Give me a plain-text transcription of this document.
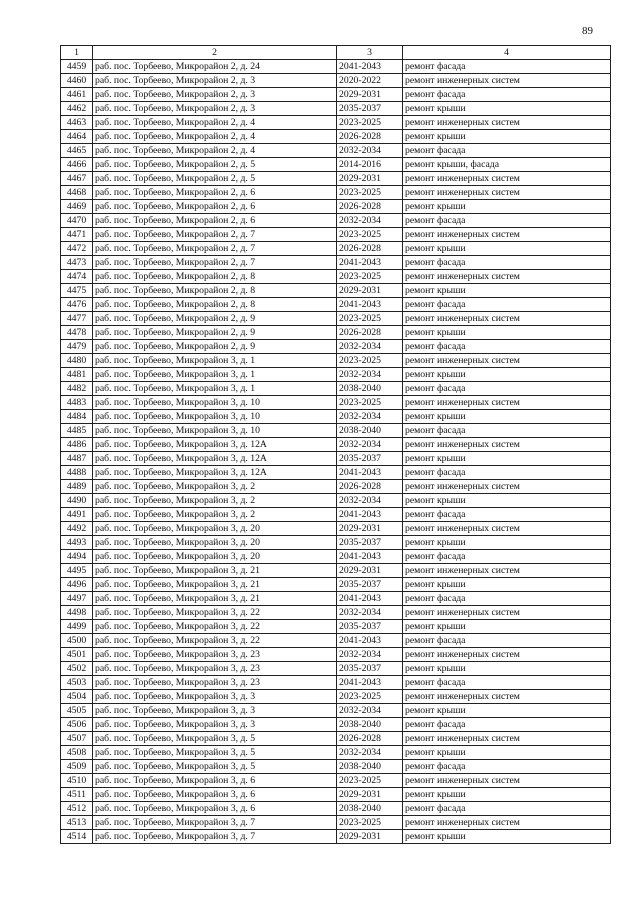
89
1	2	3	4
4459	раб. пос. Торбеево, Микрорайон 2, д. 24	2041-2043	ремонт фасада
4460	раб. пос. Торбеево, Микрорайон 2, д. 3	2020-2022	ремонт инженерных систем
4461	раб. пос. Торбеево, Микрорайон 2, д. 3	2029-2031	ремонт фасада
4462	раб. пос. Торбеево, Микрорайон 2, д. 3	2035-2037	ремонт крыши
4463	раб. пос. Торбеево, Микрорайон 2, д. 4	2023-2025	ремонт инженерных систем
4464	раб. пос. Торбеево, Микрорайон 2, д. 4	2026-2028	ремонт крыши
4465	раб. пос. Торбеево, Микрорайон 2, д. 4	2032-2034	ремонт фасада
4466	раб. пос. Торбеево, Микрорайон 2, д. 5	2014-2016	ремонт крыши, фасада
4467	раб. пос. Торбеево, Микрорайон 2, д. 5	2029-2031	ремонт инженерных систем
4468	раб. пос. Торбеево, Микрорайон 2, д. 6	2023-2025	ремонт инженерных систем
4469	раб. пос. Торбеево, Микрорайон 2, д. 6	2026-2028	ремонт крыши
4470	раб. пос. Торбеево, Микрорайон 2, д. 6	2032-2034	ремонт фасада
4471	раб. пос. Торбеево, Микрорайон 2, д. 7	2023-2025	ремонт инженерных систем
4472	раб. пос. Торбеево, Микрорайон 2, д. 7	2026-2028	ремонт крыши
4473	раб. пос. Торбеево, Микрорайон 2, д. 7	2041-2043	ремонт фасада
4474	раб. пос. Торбеево, Микрорайон 2, д. 8	2023-2025	ремонт инженерных систем
4475	раб. пос. Торбеево, Микрорайон 2, д. 8	2029-2031	ремонт крыши
4476	раб. пос. Торбеево, Микрорайон 2, д. 8	2041-2043	ремонт фасада
4477	раб. пос. Торбеево, Микрорайон 2, д. 9	2023-2025	ремонт инженерных систем
4478	раб. пос. Торбеево, Микрорайон 2, д. 9	2026-2028	ремонт крыши
4479	раб. пос. Торбеево, Микрорайон 2, д. 9	2032-2034	ремонт фасада
4480	раб. пос. Торбеево, Микрорайон 3, д. 1	2023-2025	ремонт инженерных систем
4481	раб. пос. Торбеево, Микрорайон 3, д. 1	2032-2034	ремонт крыши
4482	раб. пос. Торбеево, Микрорайон 3, д. 1	2038-2040	ремонт фасада
4483	раб. пос. Торбеево, Микрорайон 3, д. 10	2023-2025	ремонт инженерных систем
4484	раб. пос. Торбеево, Микрорайон 3, д. 10	2032-2034	ремонт крыши
4485	раб. пос. Торбеево, Микрорайон 3, д. 10	2038-2040	ремонт фасада
4486	раб. пос. Торбеево, Микрорайон 3, д. 12А	2032-2034	ремонт инженерных систем
4487	раб. пос. Торбеево, Микрорайон 3, д. 12А	2035-2037	ремонт крыши
4488	раб. пос. Торбеево, Микрорайон 3, д. 12А	2041-2043	ремонт фасада
4489	раб. пос. Торбеево, Микрорайон 3, д. 2	2026-2028	ремонт инженерных систем
4490	раб. пос. Торбеево, Микрорайон 3, д. 2	2032-2034	ремонт крыши
4491	раб. пос. Торбеево, Микрорайон 3, д. 2	2041-2043	ремонт фасада
4492	раб. пос. Торбеево, Микрорайон 3, д. 20	2029-2031	ремонт инженерных систем
4493	раб. пос. Торбеево, Микрорайон 3, д. 20	2035-2037	ремонт крыши
4494	раб. пос. Торбеево, Микрорайон 3, д. 20	2041-2043	ремонт фасада
4495	раб. пос. Торбеево, Микрорайон 3, д. 21	2029-2031	ремонт инженерных систем
4496	раб. пос. Торбеево, Микрорайон 3, д. 21	2035-2037	ремонт крыши
4497	раб. пос. Торбеево, Микрорайон 3, д. 21	2041-2043	ремонт фасада
4498	раб. пос. Торбеево, Микрорайон 3, д. 22	2032-2034	ремонт инженерных систем
4499	раб. пос. Торбеево, Микрорайон 3, д. 22	2035-2037	ремонт крыши
4500	раб. пос. Торбеево, Микрорайон 3, д. 22	2041-2043	ремонт фасада
4501	раб. пос. Торбеево, Микрорайон 3, д. 23	2032-2034	ремонт инженерных систем
4502	раб. пос. Торбеево, Микрорайон 3, д. 23	2035-2037	ремонт крыши
4503	раб. пос. Торбеево, Микрорайон 3, д. 23	2041-2043	ремонт фасада
4504	раб. пос. Торбеево, Микрорайон 3, д. 3	2023-2025	ремонт инженерных систем
4505	раб. пос. Торбеево, Микрорайон 3, д. 3	2032-2034	ремонт крыши
4506	раб. пос. Торбеево, Микрорайон 3, д. 3	2038-2040	ремонт фасада
4507	раб. пос. Торбеево, Микрорайон 3, д. 5	2026-2028	ремонт инженерных систем
4508	раб. пос. Торбеево, Микрорайон 3, д. 5	2032-2034	ремонт крыши
4509	раб. пос. Торбеево, Микрорайон 3, д. 5	2038-2040	ремонт фасада
4510	раб. пос. Торбеево, Микрорайон 3, д. 6	2023-2025	ремонт инженерных систем
4511	раб. пос. Торбеево, Микрорайон 3, д. 6	2029-2031	ремонт крыши
4512	раб. пос. Торбеево, Микрорайон 3, д. 6	2038-2040	ремонт фасада
4513	раб. пос. Торбеево, Микрорайон 3, д. 7	2023-2025	ремонт инженерных систем
4514	раб. пос. Торбеево, Микрорайон 3, д. 7	2029-2031	ремонт крыши
